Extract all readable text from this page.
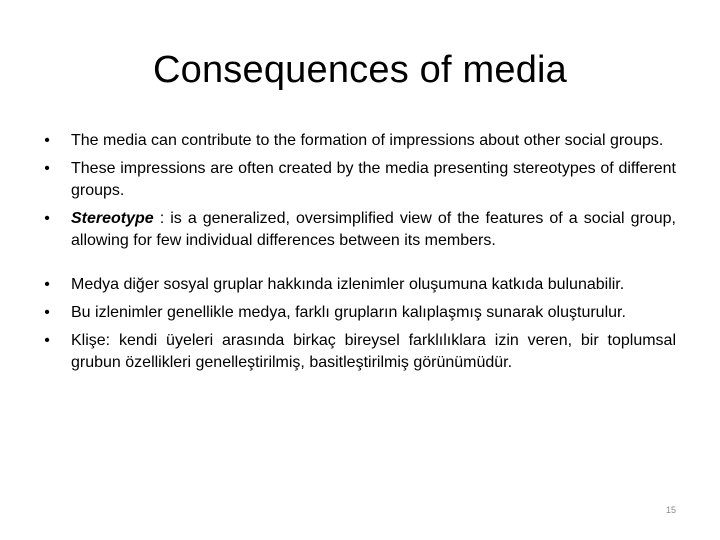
Consequences of media
• The media can contribute to the formation of impressions about other social groups.
• These impressions are often created by the media presenting stereotypes of different groups.
• Stereotype : is a generalized, oversimplified view of the features of a social group, allowing for few individual differences between its members.
• Medya diğer sosyal gruplar hakkında izlenimler oluşumuna katkıda bulunabilir.
• Bu izlenimler genellikle medya, farklı grupların kalıplaşmış sunarak oluşturulur.
• Klişe: kendi üyeleri arasında birkaç bireysel farklılıklara izin veren, bir toplumsal grubun özellikleri genelleştirilmiş, basitleştirilmiş görünümüdür.
15
